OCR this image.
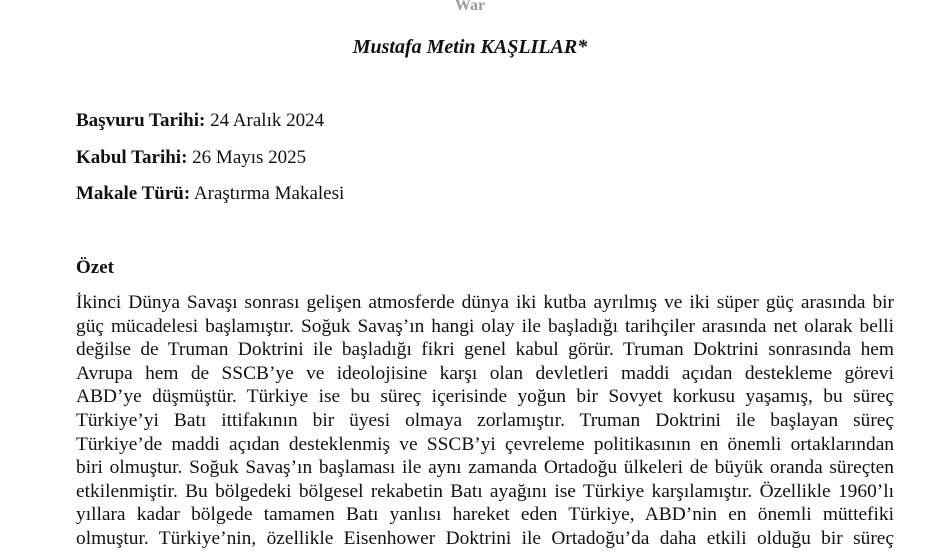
War
Mustafa Metin KAŞLILAR*
Başvuru Tarihi: 24 Aralık 2024
Kabul Tarihi: 26 Mayıs 2025
Makale Türü: Araştırma Makalesi
Özet
İkinci Dünya Savaşı sonrası gelişen atmosferde dünya iki kutba ayrılmış ve iki süper güç arasında bir
güç mücadelesi başlamıştır. Soğuk Savaş’ın hangi olay ile başladığı tarihçiler arasında net olarak belli
değilse de Truman Doktrini ile başladığı fikri genel kabul görür. Truman Doktrini sonrasında hem
Avrupa hem de SSCB’ye ve ideolojisine karşı olan devletleri maddi açıdan destekleme görevi
ABD’ye düşmüştür. Türkiye ise bu süreç içerisinde yoğun bir Sovyet korkusu yaşamış, bu süreç
Türkiye’yi Batı ittifakının bir üyesi olmaya zorlamıştır. Truman Doktrini ile başlayan süreç
Türkiye’de maddi açıdan desteklenmiş ve SSCB’yi çevreleme politikasının en önemli ortaklarından
biri olmuştur. Soğuk Savaş’ın başlaması ile aynı zamanda Ortadoğu ülkeleri de büyük oranda süreçten
etkilenmiştir. Bu bölgedeki bölgesel rekabetin Batı ayağını ise Türkiye karşılamıştır. Özellikle 1960’lı
yıllara kadar bölgede tamamen Batı yanlısı hareket eden Türkiye, ABD’nin en önemli müttefiki
olmuştur. Türkiye’nin, özellikle Eisenhower Doktrini ile Ortadoğu’da daha etkili olduğu bir süreç
